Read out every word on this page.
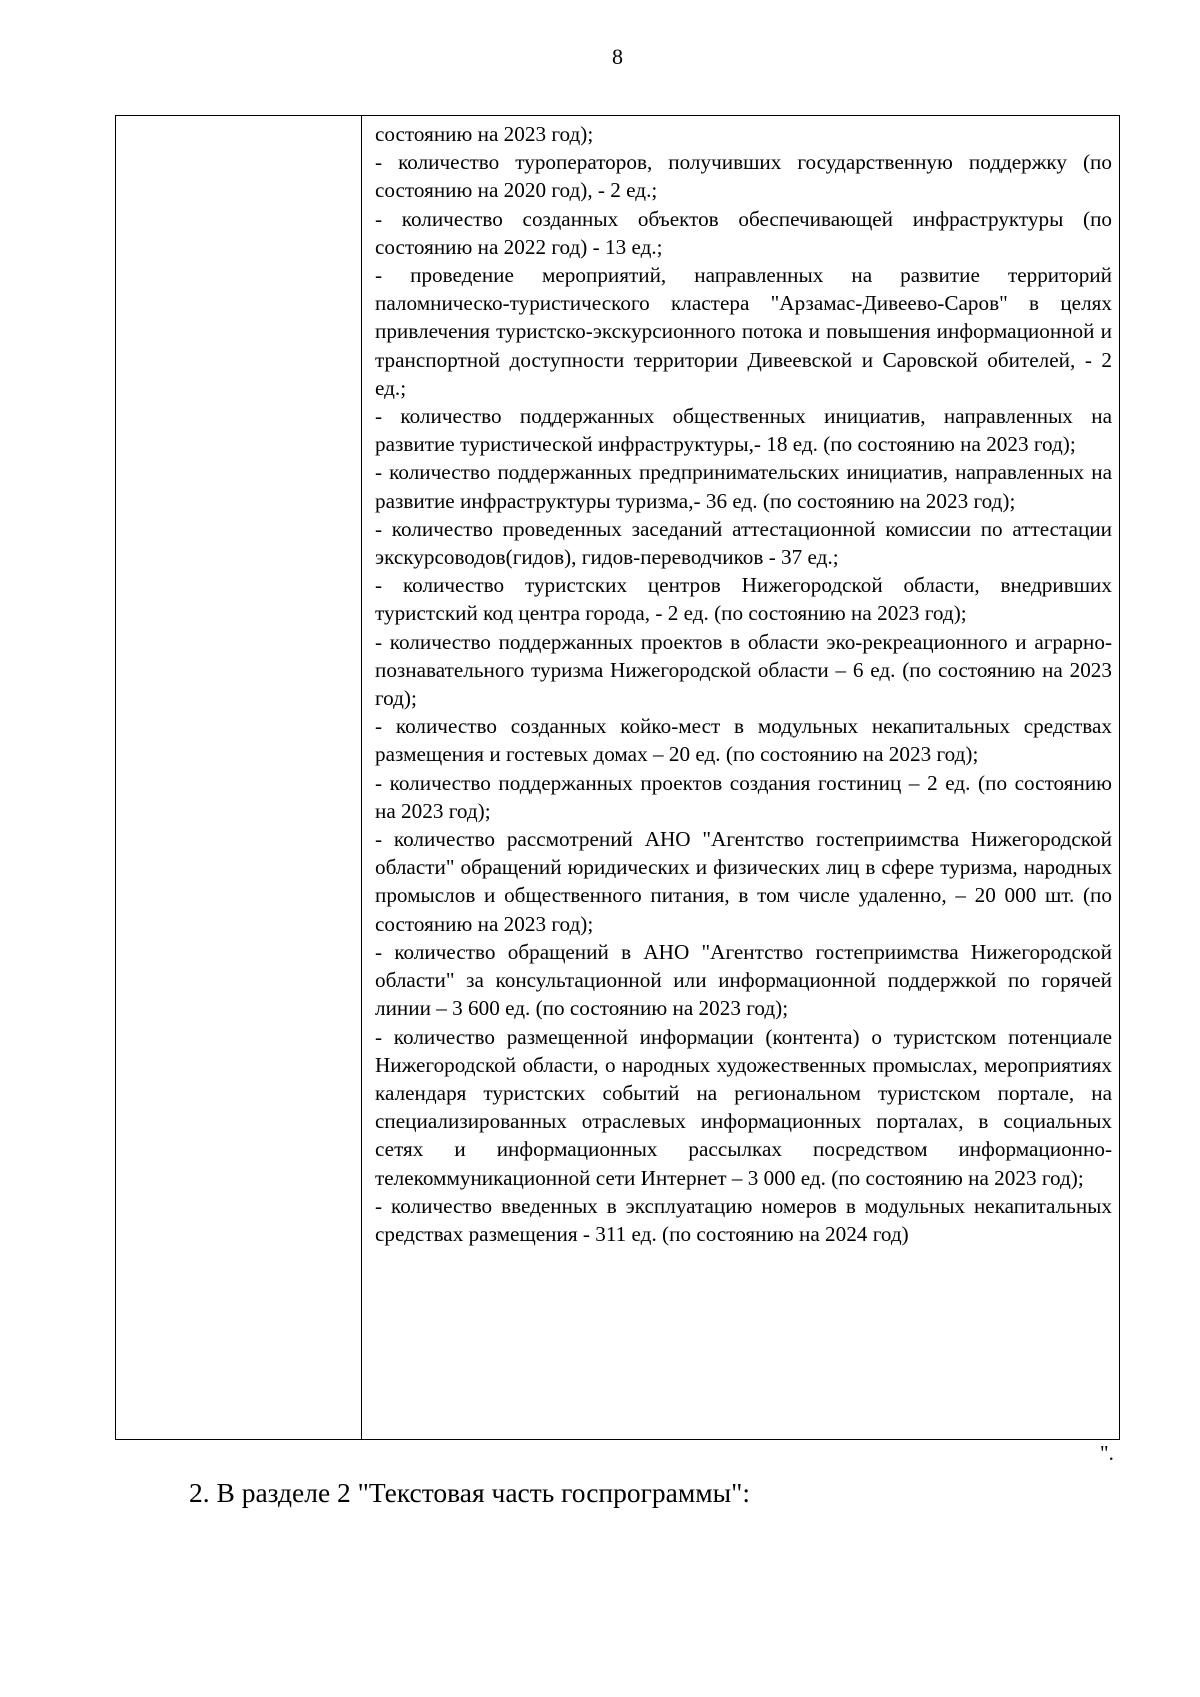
8

состоянию на 2023 год);

- количество туроператоров, получивших государственную поддержку (по состоянию на 2020 год), - 2 ед.;

- количество созданных объектов обеспечивающей инфраструктуры (по состоянию на 2022 год) - 13 ед.;

- проведение мероприятий, направленных на развитие территорий паломническо-туристического кластера "Арзамас-Дивеево-Саров" в целях привлечения туристско-экскурсионного потока и повышения информационной и транспортной доступности территории Дивеевской и Саровской обителей, - 2 ед.;

- количество поддержанных общественных инициатив, направленных на развитие туристической инфраструктуры,- 18 ед. (по состоянию на 2023 год);

- количество поддержанных предпринимательских инициатив, направленных на развитие инфраструктуры туризма,- 36 ед. (по состоянию на 2023 год);

- количество проведенных заседаний аттестационной комиссии по аттестации экскурсоводов(гидов), гидов-переводчиков - 37 ед.;

- количество туристских центров Нижегородской области, внедривших туристский код центра города, - 2 ед. (по состоянию на 2023 год);

- количество поддержанных проектов в области эко-рекреационного и аграрно-познавательного туризма Нижегородской области – 6 ед. (по состоянию на 2023 год);

- количество созданных койко-мест в модульных некапитальных средствах размещения и гостевых домах – 20 ед. (по состоянию на 2023 год);

- количество поддержанных проектов создания гостиниц – 2 ед. (по состоянию на 2023 год);

- количество рассмотрений АНО "Агентство гостеприимства Нижегородской области" обращений юридических и физических лиц в сфере туризма, народных промыслов и общественного питания, в том числе удаленно, – 20 000 шт. (по состоянию на 2023 год);

- количество обращений в АНО "Агентство гостеприимства Нижегородской области" за консультационной или информационной поддержкой по горячей линии – 3 600 ед. (по состоянию на 2023 год);

- количество размещенной информации (контента) о туристском потенциале Нижегородской области, о народных художественных промыслах, мероприятиях календаря туристских событий на региональном туристском портале, на специализированных отраслевых информационных порталах, в социальных сетях и информационных рассылках посредством информационно-телекоммуникационной сети Интернет – 3 000 ед. (по состоянию на 2023 год);

- количество введенных в эксплуатацию номеров в модульных некапитальных средствах размещения - 311 ед. (по состоянию на 2024 год)

".
2. В разделе 2 "Текстовая часть госпрограммы":
